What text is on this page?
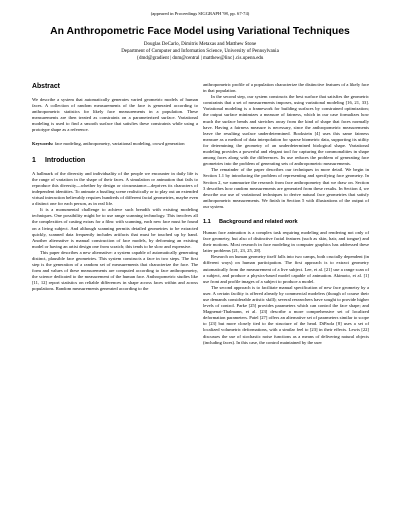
(appeared in Proceedings SIGGRAPH '98, pp. 67-74)
An Anthropometric Face Model using Variational Techniques
Douglas DeCarlo, Dimitris Metaxas and Matthew Stone
Department of Computer and Information Science, University of Pennsylvania
{dmd@gradient | dnm@central | matthew@linc}.cis.upenn.edu
Abstract

We describe a system that automatically generates varied geometric models of human faces. A collection of random measurements of the face is generated according to anthropometric statistics for likely face measurements in a population. These measurements are then treated as constraints on a parameterized surface. Variational modeling is used to find a smooth surface that satisfies these constraints while using a prototype shape as a reference.

Keywords: face modeling, anthropometry, variational modeling, crowd generation

1 Introduction

A hallmark of the diversity and individuality of the people we encounter in daily life is the range of variation in the shape of their faces. A simulation or animation that fails to reproduce this diversity—whether by design or circumstance—deprives its characters of independent identities. To animate a bustling scene realistically or to play out an extended virtual interaction believably requires hundreds of different facial geometries, maybe even a distinct one for each person, as in real life.

It is a monumental challenge to achieve such breadth with existing modeling techniques. One possibility might be to use range scanning technology. This involves all the complexities of casting extras for a film: with scanning, each new face must be found on a living subject. And although scanning permits detailed geometries to be extracted quickly, scanned data frequently includes artifacts that must be touched up by hand. Another alternative is manual construction of face models, by deforming an existing model or having an artist design one from scratch; this tends to be slow and expensive.

This paper describes a new alternative: a system capable of automatically generating distinct, plausible face geometries. This system constructs a face in two steps. The first step is the generation of a random set of measurements that characterize the face. The form and values of these measurements are computed according to face anthropometry, the science dedicated to the measurement of the human face. Anthropometric studies like [11, 12] report statistics on reliable differences in shape across faces within and across populations. Random measurements generated according to the

anthropometric profile of a population characterize the distinctive features of a likely face in that population.

In the second step, our system constructs the best surface that satisfies the geometric constraints that a set of measurements imposes, using variational modeling [16, 21, 33]. Variational modeling is a framework for building surfaces by constrained optimization; the output surface minimizes a measure of fairness, which in our case formalizes how much the surface bends and stretches away from the kind of shape that faces normally have. Having a fairness measure is necessary, since the anthropometric measurements leave the resulting surface underdetermined. Bookstein [4] uses this same fairness measure as a method of data interpolation for sparse biometric data, supporting its utility for determining the geometry of an underdetermined biological shape. Variational modeling provides a powerful and elegant tool for capturing the commonalities in shape among faces along with the differences. Its use reduces the problem of generating face geometries into the problem of generating sets of anthropometric measurements.

The remainder of the paper describes our techniques in more detail. We begin in Section 1.1 by introducing the problem of representing and specifying face geometry. In Section 2, we summarize the research from face anthropometry that we draw on. Section 3 describes how random measurements are generated from these results. In Section 4, we describe our use of variational techniques to derive natural face geometries that satisfy anthropometric measurements. We finish in Section 5 with illustrations of the output of our system.

1.1 Background and related work

Human face animation is a complex task requiring modeling and rendering not only of face geometry, but also of distinctive facial features (such as skin, hair, and tongue) and their motions. Most research in face modeling in computer graphics has addressed these latter problems [21, 23, 25, 28].

Research on human geometry itself falls into two camps, both crucially dependent (in different ways) on human participation. The first approach is to extract geometry automatically from the measurement of a live subject. Lee, et al. [21] use a range scan of a subject, and produce a physics-based model capable of animation. Akimoto, et al. [1] use front and profile images of a subject to produce a model.

The second approach is to facilitate manual specification of new face geometry by a user. A certain facility is offered already by commercial modelers (though of course their use demands considerable artistic skill); several researchers have sought to provide higher levels of control. Parke [25] provides parameters which can control the face shape; and Magnenat-Thalmann, et al. [23] describe a more comprehensive set of localized deformation parameters. Patel [27] offers an alternative set of parameters similar to scope to [23] but more closely tied to the structure of the head. DiPaola [8] uses a set of localized volumetric deformations, with a similar feel to [23] in their effects. Lewis [22] discusses the use of stochastic noise functions as a means of delivering natural objects (including faces). In this case, the control maintained by the user
